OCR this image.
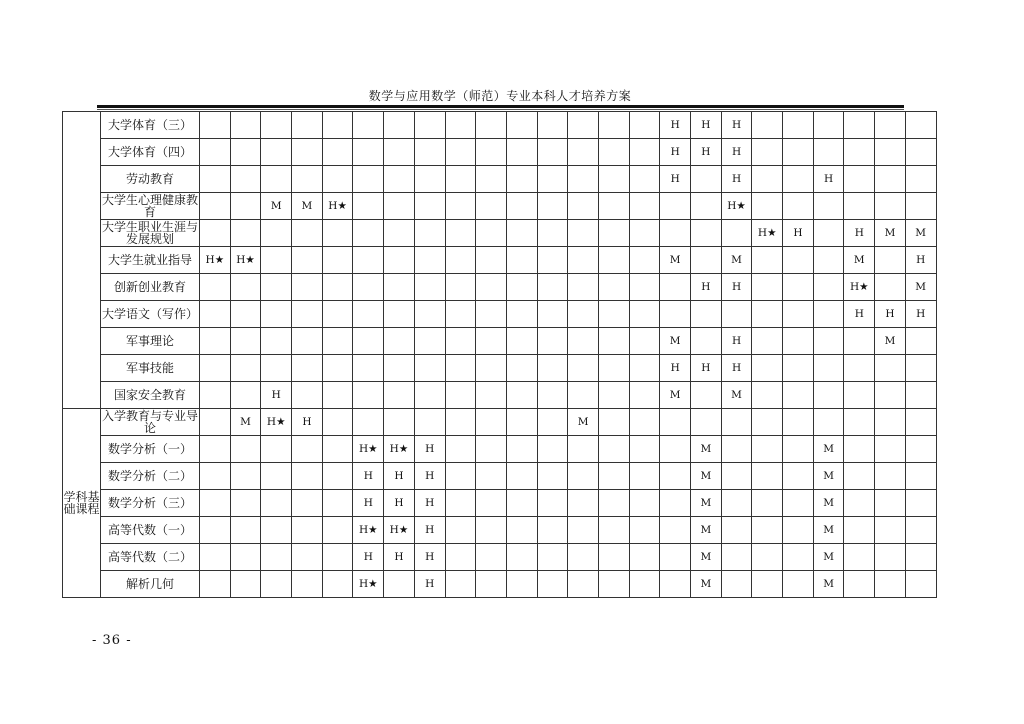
数学与应用数学（师范）专业本科人才培养方案
	大学体育（三）																H	H	H						
	大学体育（四）																H	H	H						
	劳动教育																H		H			H			
	大学生心理健康教育			M	M	H★													H★						
	大学生职业生涯与发展规划																			H★	H		H	M	M
	大学生就业指导	H★	H★														M		M				M		H
	创新创业教育																	H	H				H★		M
	大学语文（写作）																						H	H	H
	军事理论																M		H					M	
	军事技能																H	H	H						
	国家安全教育			H													M		M						
学科基础课程	入学教育与专业导论		M	H★	H									M											
	数学分析（一）						H★	H★	H									M				M			
	数学分析（二）						H	H	H									M				M			
	数学分析（三）						H	H	H									M				M			
	高等代数（一）						H★	H★	H									M				M			
	高等代数（二）						H	H	H									M				M			
	解析几何						H★		H									M				M			
- 36 -
